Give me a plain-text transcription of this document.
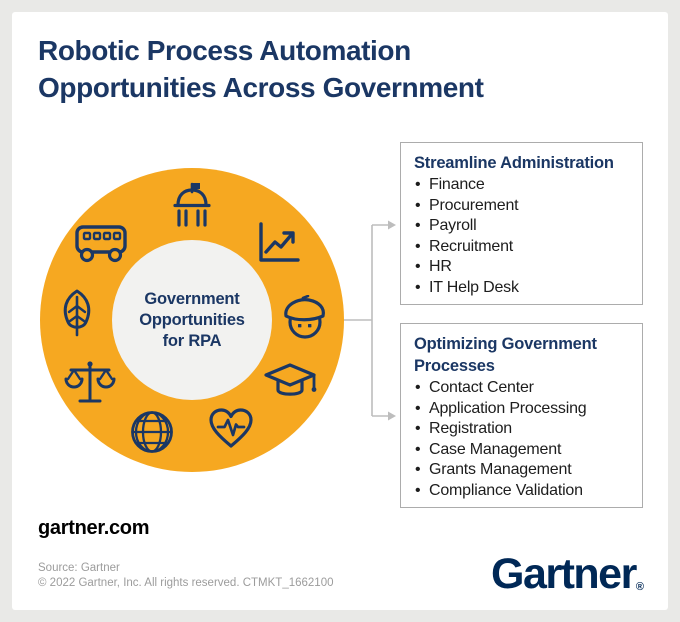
Robotic Process Automation
Opportunities Across Government
Government
Opportunities
for RPA
Streamline Administration
• Finance
• Procurement
• Payroll
• Recruitment
• HR
• IT Help Desk
Optimizing Government Processes
• Contact Center
• Application Processing
• Registration
• Case Management
• Grants Management
• Compliance Validation
gartner.com
Source: Gartner
© 2022 Gartner, Inc. All rights reserved. CTMKT_1662100	Gartner®
